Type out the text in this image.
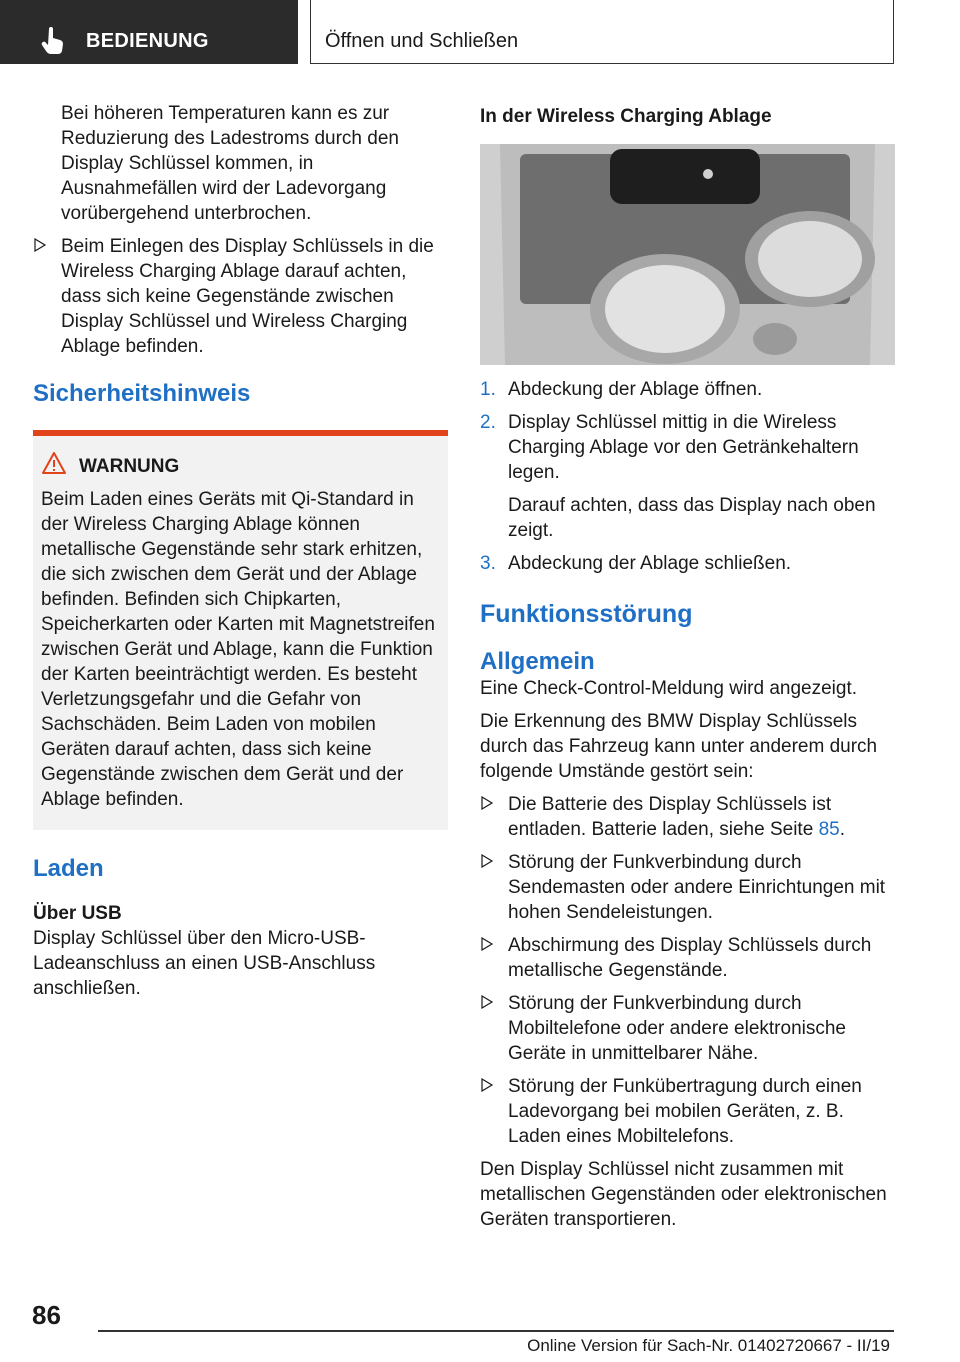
BEDIENUNG	Öffnen und Schließen

Bei höheren Temperaturen kann es zur Reduzierung des Ladestroms durch den Display Schlüssel kommen, in Ausnahmefällen wird der Ladevorgang vorübergehend unterbrochen.

Beim Einlegen des Display Schlüssels in die Wireless Charging Ablage darauf achten, dass sich keine Gegenstände zwischen Display Schlüssel und Wireless Charging Ablage befinden.
Sicherheitshinweis
WARNUNG

Beim Laden eines Geräts mit Qi-Standard in der Wireless Charging Ablage können metallische Gegenstände sehr stark erhitzen, die sich zwischen dem Gerät und der Ablage befinden. Befinden sich Chipkarten, Speicherkarten oder Karten mit Magnetstreifen zwischen Gerät und Ablage, kann die Funktion der Karten beeinträchtigt werden. Es besteht Verletzungsgefahr und die Gefahr von Sachschäden. Beim Laden von mobilen Geräten darauf achten, dass sich keine Gegenstände zwischen dem Gerät und der Ablage befinden.

Laden
Über USB

Display Schlüssel über den Micro-USB-Ladeanschluss an einen USB-Anschluss anschließen.

In der Wireless Charging Ablage
1. Abdeckung der Ablage öffnen.
2. Display Schlüssel mittig in die Wireless Charging Ablage vor den Getränkehaltern legen.

Darauf achten, dass das Display nach oben zeigt.

3. Abdeckung der Ablage schließen.
Funktionsstörung
Allgemein

Eine Check-Control-Meldung wird angezeigt.

Die Erkennung des BMW Display Schlüssels durch das Fahrzeug kann unter anderem durch folgende Umstände gestört sein:

Die Batterie des Display Schlüssels ist entladen. Batterie laden, siehe Seite 85.
Störung der Funkverbindung durch Sendemasten oder andere Einrichtungen mit hohen Sendeleistungen.
Abschirmung des Display Schlüssels durch metallische Gegenstände.
Störung der Funkverbindung durch Mobiltelefone oder andere elektronische Geräte in unmittelbarer Nähe.
Störung der Funkübertragung durch einen Ladevorgang bei mobilen Geräten, z. B. Laden eines Mobiltelefons.

Den Display Schlüssel nicht zusammen mit metallischen Gegenständen oder elektronischen Geräten transportieren.

86
Online Version für Sach-Nr. 01402720667 - II/19
